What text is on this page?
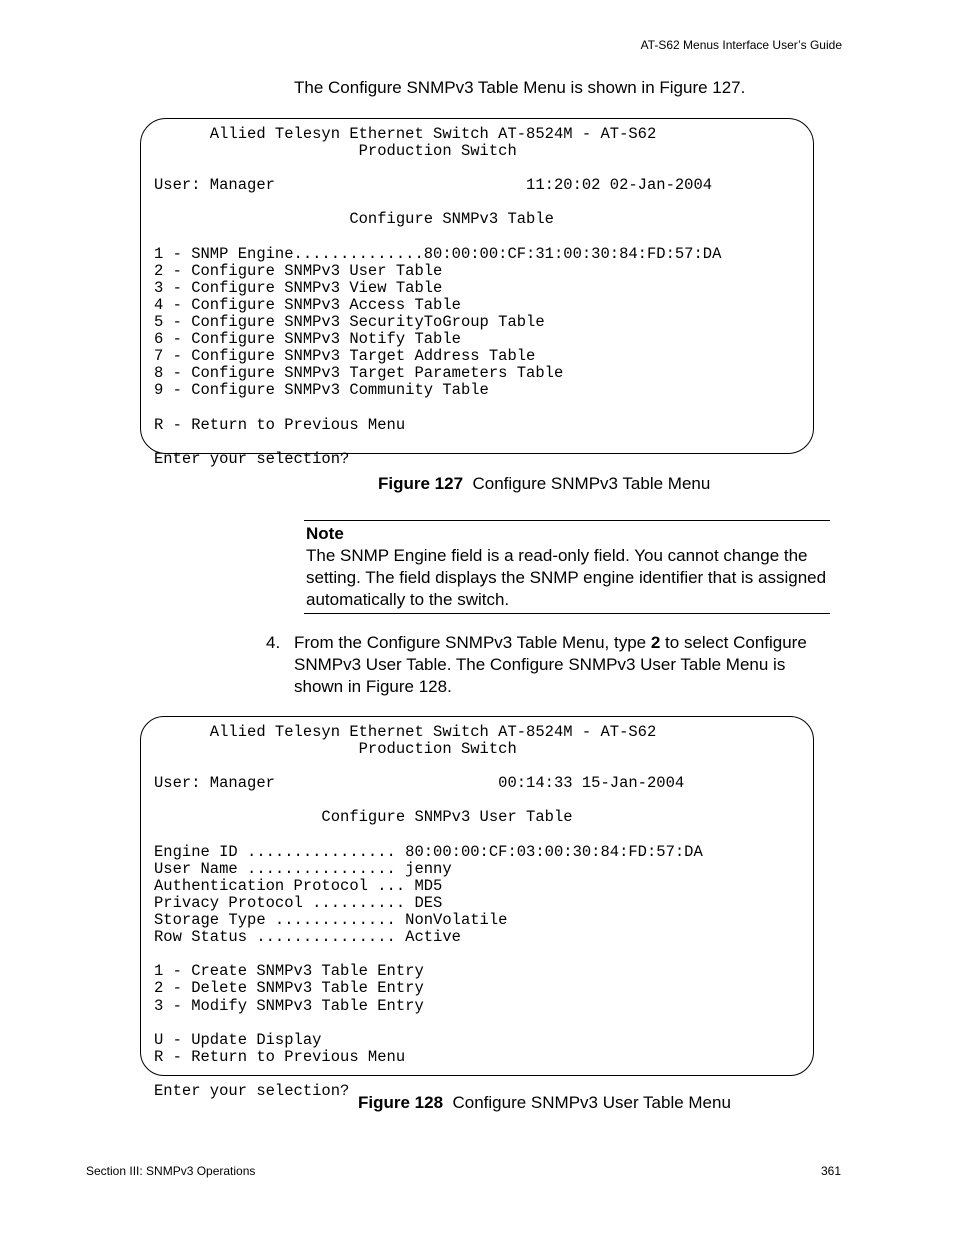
AT-S62 Menus Interface User’s Guide
The Configure SNMPv3 Table Menu is shown in Figure 127.
Allied Telesyn Ethernet Switch AT-8524M - AT-S62
Production Switch

User: Manager                           11:20:02 02-Jan-2004

Configure SNMPv3 Table

1 - SNMP Engine..............80:00:00:CF:31:00:30:84:FD:57:DA
2 - Configure SNMPv3 User Table
3 - Configure SNMPv3 View Table
4 - Configure SNMPv3 Access Table
5 - Configure SNMPv3 SecurityToGroup Table
6 - Configure SNMPv3 Notify Table
7 - Configure SNMPv3 Target Address Table
8 - Configure SNMPv3 Target Parameters Table
9 - Configure SNMPv3 Community Table

R - Return to Previous Menu

Enter your selection?
Figure 127 Configure SNMPv3 Table Menu
Note
The SNMP Engine field is a read-only field. You cannot change the setting. The field displays the SNMP engine identifier that is assigned automatically to the switch.
4. From the Configure SNMPv3 Table Menu, type 2 to select Configure SNMPv3 User Table. The Configure SNMPv3 User Table Menu is shown in Figure 128.
Allied Telesyn Ethernet Switch AT-8524M - AT-S62
Production Switch

User: Manager                        00:14:33 15-Jan-2004

Configure SNMPv3 User Table

Engine ID ................ 80:00:00:CF:03:00:30:84:FD:57:DA
User Name ................ jenny
Authentication Protocol ... MD5
Privacy Protocol .......... DES
Storage Type ............. NonVolatile
Row Status ............... Active

1 - Create SNMPv3 Table Entry
2 - Delete SNMPv3 Table Entry
3 - Modify SNMPv3 Table Entry

U - Update Display
R - Return to Previous Menu

Enter your selection?
Figure 128 Configure SNMPv3 User Table Menu
Section III: SNMPv3 Operations	361
